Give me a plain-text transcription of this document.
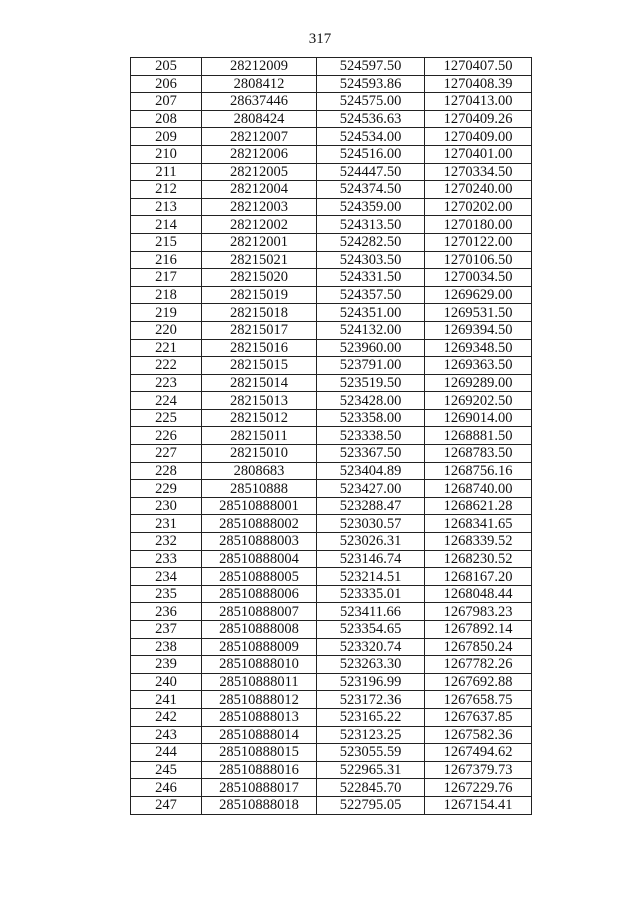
317
205	28212009	524597.50	1270407.50
206	2808412	524593.86	1270408.39
207	28637446	524575.00	1270413.00
208	2808424	524536.63	1270409.26
209	28212007	524534.00	1270409.00
210	28212006	524516.00	1270401.00
211	28212005	524447.50	1270334.50
212	28212004	524374.50	1270240.00
213	28212003	524359.00	1270202.00
214	28212002	524313.50	1270180.00
215	28212001	524282.50	1270122.00
216	28215021	524303.50	1270106.50
217	28215020	524331.50	1270034.50
218	28215019	524357.50	1269629.00
219	28215018	524351.00	1269531.50
220	28215017	524132.00	1269394.50
221	28215016	523960.00	1269348.50
222	28215015	523791.00	1269363.50
223	28215014	523519.50	1269289.00
224	28215013	523428.00	1269202.50
225	28215012	523358.00	1269014.00
226	28215011	523338.50	1268881.50
227	28215010	523367.50	1268783.50
228	2808683	523404.89	1268756.16
229	28510888	523427.00	1268740.00
230	28510888001	523288.47	1268621.28
231	28510888002	523030.57	1268341.65
232	28510888003	523026.31	1268339.52
233	28510888004	523146.74	1268230.52
234	28510888005	523214.51	1268167.20
235	28510888006	523335.01	1268048.44
236	28510888007	523411.66	1267983.23
237	28510888008	523354.65	1267892.14
238	28510888009	523320.74	1267850.24
239	28510888010	523263.30	1267782.26
240	28510888011	523196.99	1267692.88
241	28510888012	523172.36	1267658.75
242	28510888013	523165.22	1267637.85
243	28510888014	523123.25	1267582.36
244	28510888015	523055.59	1267494.62
245	28510888016	522965.31	1267379.73
246	28510888017	522845.70	1267229.76
247	28510888018	522795.05	1267154.41
